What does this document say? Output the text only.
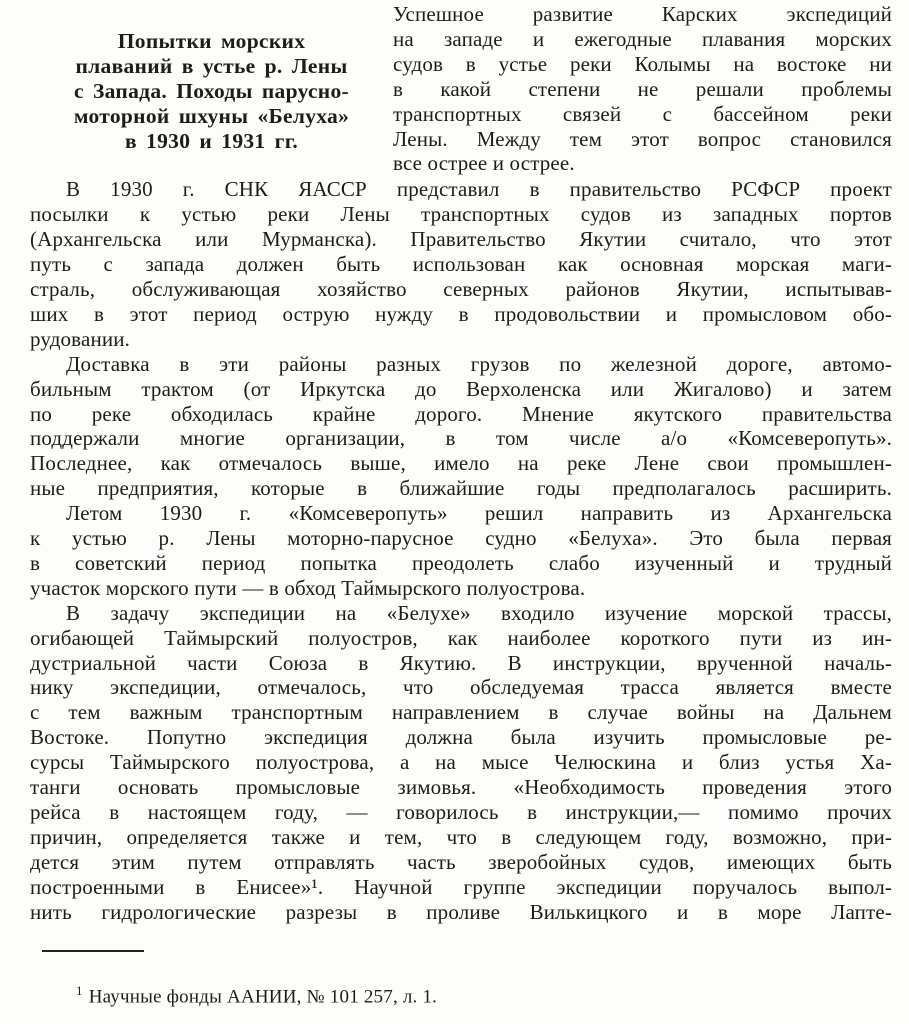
Попытки морских
плаваний в устье р. Лены
с Запада. Походы парусно-
моторной шхуны «Белуха»
в 1930 и 1931 гг.
Успешное развитие Карских экспедиций
на западе и ежегодные плавания морских
судов в устье реки Колымы на востоке ни
в какой степени не решали проблемы
транспортных связей с бассейном реки
Лены. Между тем этот вопрос становился
все острее и острее.
В 1930 г. СНК ЯАССР представил в правительство РСФСР проект
посылки к устью реки Лены транспортных судов из западных портов
(Архангельска или Мурманска). Правительство Якутии считало, что этот
путь с запада должен быть использован как основная морская маги-
страль, обслуживающая хозяйство северных районов Якутии, испытывав-
ших в этот период острую нужду в продовольствии и промысловом обо-
рудовании.
Доставка в эти районы разных грузов по железной дороге, автомо-
бильным трактом (от Иркутска до Верхоленска или Жигалово) и затем
по реке обходилась крайне дорого. Мнение якутского правительства
поддержали многие организации, в том числе а/о «Комсеверопуть».
Последнее, как отмечалось выше, имело на реке Лене свои промышлен-
ные предприятия, которые в ближайшие годы предполагалось расширить.
Летом 1930 г. «Комсеверопуть» решил направить из Архангельска
к устью р. Лены моторно-парусное судно «Белуха». Это была первая
в советский период попытка преодолеть слабо изученный и трудный
участок морского пути — в обход Таймырского полуострова.
В задачу экспедиции на «Белухе» входило изучение морской трассы,
огибающей Таймырский полуостров, как наиболее короткого пути из ин-
дустриальной части Союза в Якутию. В инструкции, врученной началь-
нику экспедиции, отмечалось, что обследуемая трасса является вместе
с тем важным транспортным направлением в случае войны на Дальнем
Востоке. Попутно экспедиция должна была изучить промысловые ре-
сурсы Таймырского полуострова, а на мысе Челюскина и близ устья Ха-
танги основать промысловые зимовья. «Необходимость проведения этого
рейса в настоящем году, — говорилось в инструкции,— помимо прочих
причин, определяется также и тем, что в следующем году, возможно, при-
дется этим путем отправлять часть зверобойных судов, имеющих быть
построенными в Енисее»¹. Научной группе экспедиции поручалось выпол-
нить гидрологические разрезы в проливе Вилькицкого и в море Лапте-
$^1$ Научные фонды ААНИИ, № 101 257, л. 1.
